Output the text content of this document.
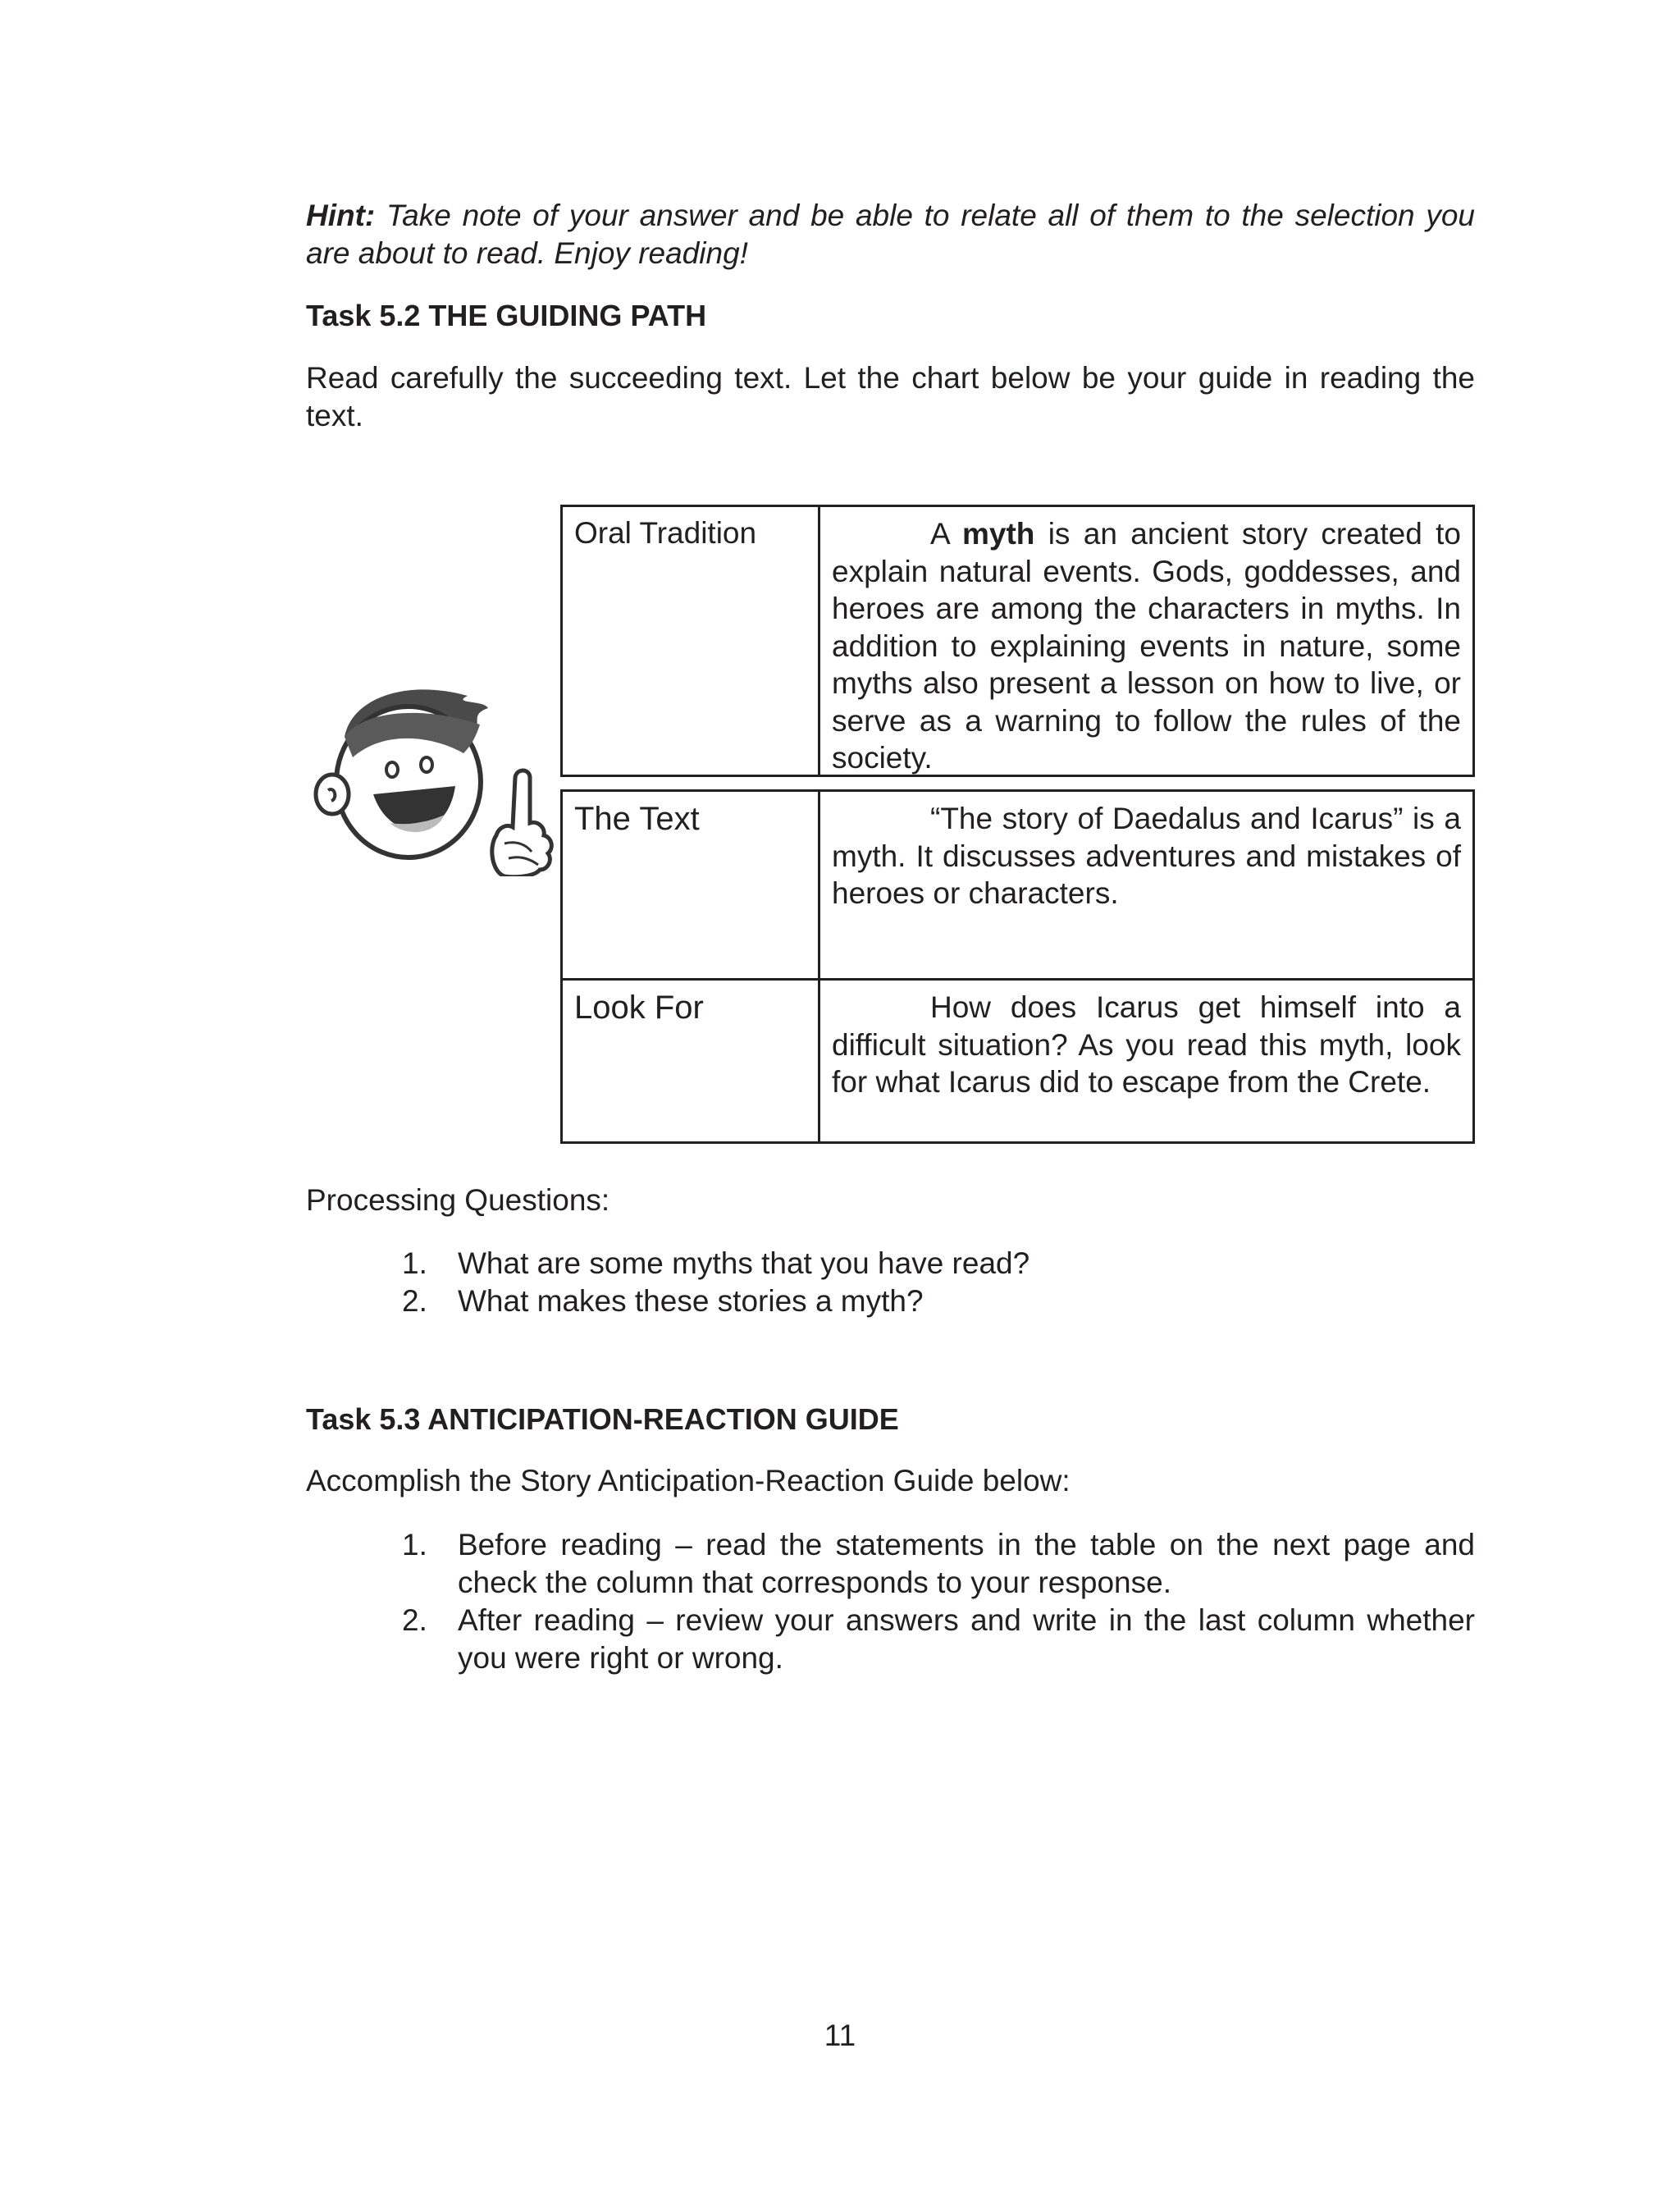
Hint: Take note of your answer and be able to relate all of them to the selection you are about to read. Enjoy reading!

Task 5.2 THE GUIDING PATH

Read carefully the succeeding text. Let the chart below be your guide in reading the text.

Oral Tradition	A myth is an ancient story created to explain natural events. Gods, goddesses, and heroes are among the characters in myths. In addition to explaining events in nature, some myths also present a lesson on how to live, or serve as a warning to follow the rules of the society.
The Text	“The story of Daedalus and Icarus” is a myth. It discusses adventures and mistakes of heroes or characters.
Look For	How does Icarus get himself into a difficult situation? As you read this myth, look for what Icarus did to escape from the Crete.
Processing Questions:
1. What are some myths that you have read?
2. What makes these stories a myth?
Task 5.3 ANTICIPATION-REACTION GUIDE
Accomplish the Story Anticipation-Reaction Guide below:
1. Before reading – read the statements in the table on the next page and check the column that corresponds to your response.
2. After reading – review your answers and write in the last column whether you were right or wrong.
11
